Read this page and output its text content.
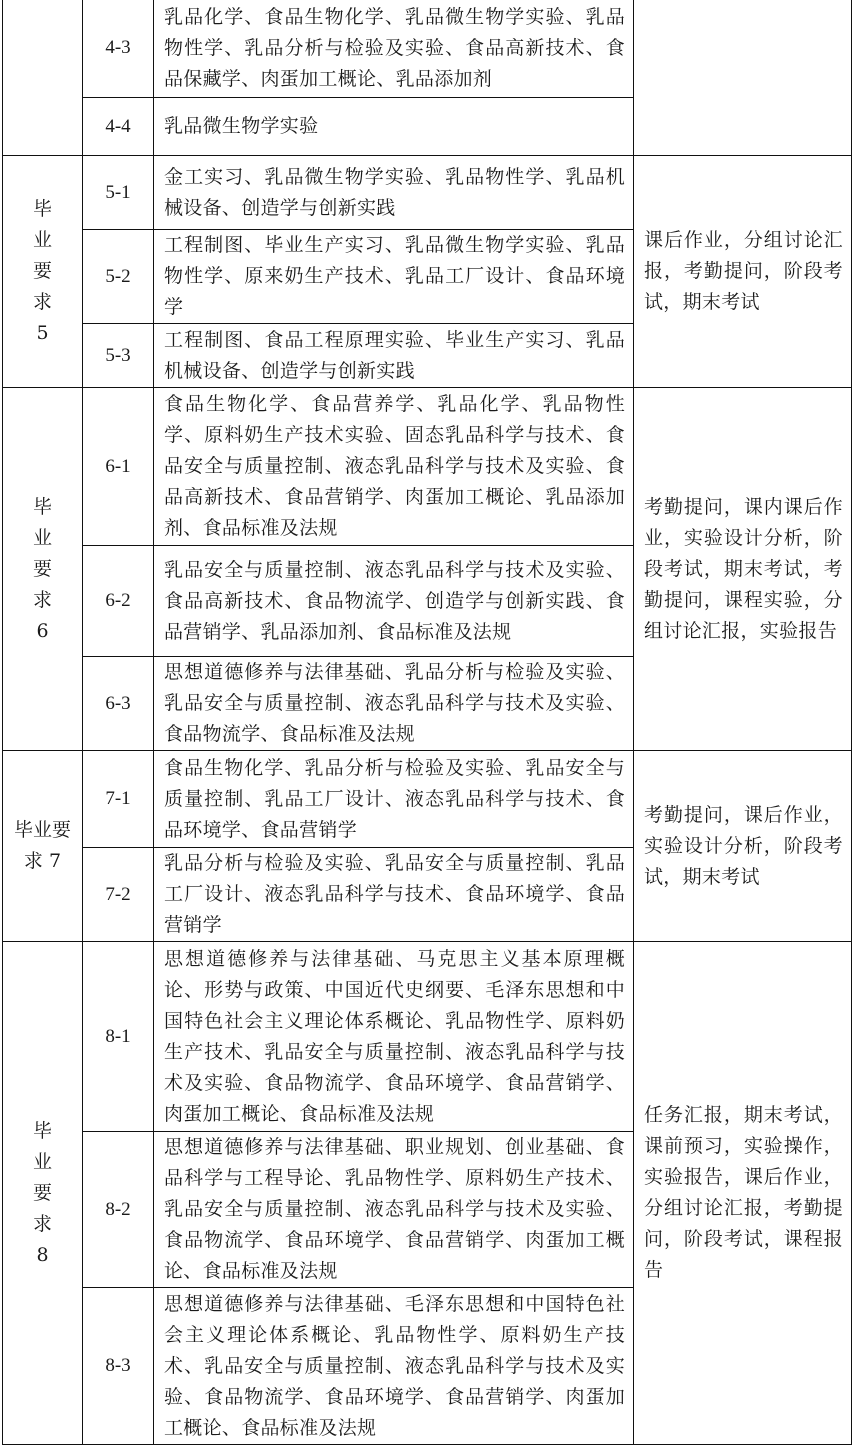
	4-3	乳品化学、食品生物化学、乳品微生物学实验、乳品物性学、乳品分析与检验及实验、食品高新技术、食品保藏学、肉蛋加工概论、乳品添加剂	
	4-4	乳品微生物学实验	
毕业要求5	5-1	金工实习、乳品微生物学实验、乳品物性学、乳品机械设备、创造学与创新实践	课后作业，分组讨论汇报，考勤提问，阶段考试，期末考试
	5-2	工程制图、毕业生产实习、乳品微生物学实验、乳品物性学、原来奶生产技术、乳品工厂设计、食品环境学	
	5-3	工程制图、食品工程原理实验、毕业生产实习、乳品机械设备、创造学与创新实践	
毕业要求6	6-1	食品生物化学、食品营养学、乳品化学、乳品物性学、原料奶生产技术实验、固态乳品科学与技术、食品安全与质量控制、液态乳品科学与技术及实验、食品高新技术、食品营销学、肉蛋加工概论、乳品添加剂、食品标准及法规	考勤提问，课内课后作业，实验设计分析，阶段考试，期末考试，考勤提问，课程实验，分组讨论汇报，实验报告
	6-2	乳品安全与质量控制、液态乳品科学与技术及实验、食品高新技术、食品物流学、创造学与创新实践、食品营销学、乳品添加剂、食品标准及法规	
	6-3	思想道德修养与法律基础、乳品分析与检验及实验、乳品安全与质量控制、液态乳品科学与技术及实验、食品物流学、食品标准及法规	
毕业要求 7	7-1	食品生物化学、乳品分析与检验及实验、乳品安全与质量控制、乳品工厂设计、液态乳品科学与技术、食品环境学、食品营销学	考勤提问，课后作业，实验设计分析，阶段考试，期末考试
	7-2	乳品分析与检验及实验、乳品安全与质量控制、乳品工厂设计、液态乳品科学与技术、食品环境学、食品营销学	
毕业要求8	8-1	思想道德修养与法律基础、马克思主义基本原理概论、形势与政策、中国近代史纲要、毛泽东思想和中国特色社会主义理论体系概论、乳品物性学、原料奶生产技术、乳品安全与质量控制、液态乳品科学与技术及实验、食品物流学、食品环境学、食品营销学、肉蛋加工概论、食品标准及法规	任务汇报，期末考试，课前预习，实验操作，实验报告，课后作业，分组讨论汇报，考勤提问，阶段考试，课程报告
	8-2	思想道德修养与法律基础、职业规划、创业基础、食品科学与工程导论、乳品物性学、原料奶生产技术、乳品安全与质量控制、液态乳品科学与技术及实验、食品物流学、食品环境学、食品营销学、肉蛋加工概论、食品标准及法规	
	8-3	思想道德修养与法律基础、毛泽东思想和中国特色社会主义理论体系概论、乳品物性学、原料奶生产技术、乳品安全与质量控制、液态乳品科学与技术及实验、食品物流学、食品环境学、食品营销学、肉蛋加工概论、食品标准及法规	
